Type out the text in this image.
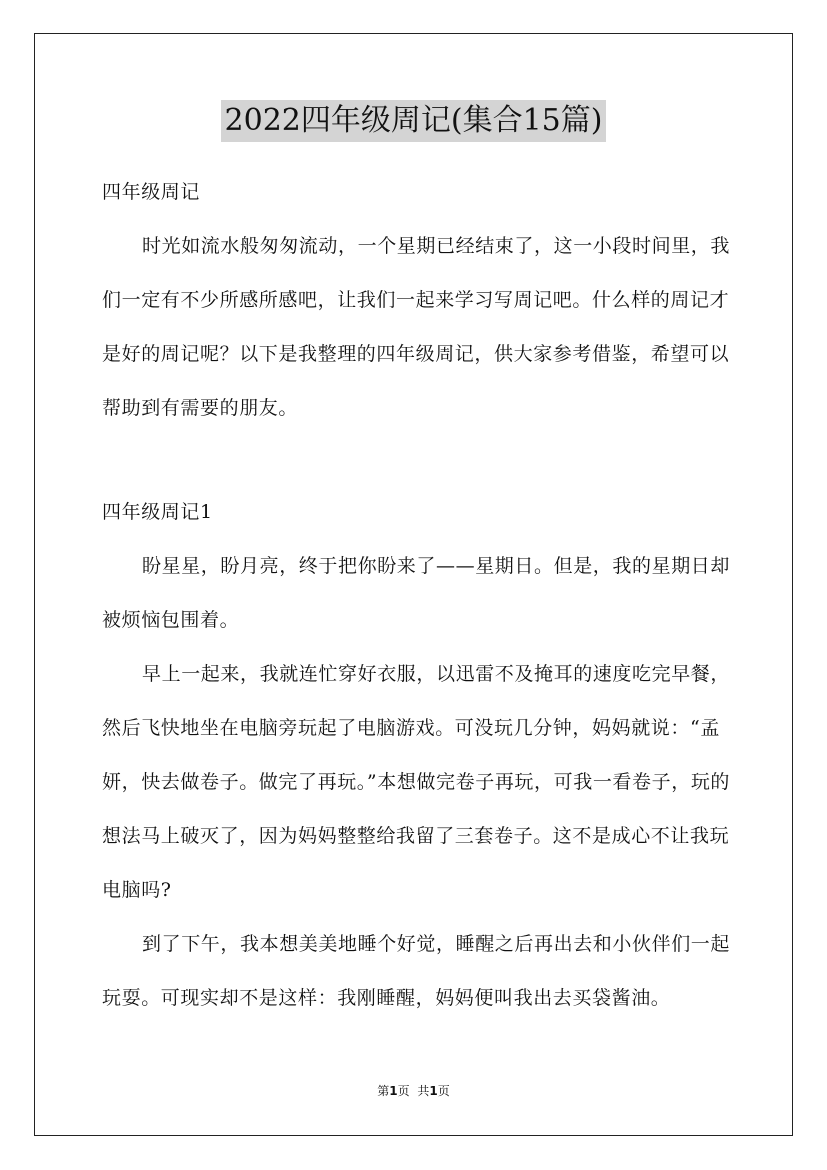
2022四年级周记(集合15篇)

四年级周记

时光如流水般匆匆流动，一个星期已经结束了，这一小段时间里，我们一定有不少所感所感吧，让我们一起来学习写周记吧。什么样的周记才是好的周记呢？以下是我整理的四年级周记，供大家参考借鉴，希望可以帮助到有需要的朋友。

四年级周记1

盼星星，盼月亮，终于把你盼来了——星期日。但是，我的星期日却被烦恼包围着。

早上一起来，我就连忙穿好衣服，以迅雷不及掩耳的速度吃完早餐，然后飞快地坐在电脑旁玩起了电脑游戏。可没玩几分钟，妈妈就说：“孟妍，快去做卷子。做完了再玩。”本想做完卷子再玩，可我一看卷子，玩的想法马上破灭了，因为妈妈整整给我留了三套卷子。这不是成心不让我玩电脑吗?

到了下午，我本想美美地睡个好觉，睡醒之后再出去和小伙伴们一起玩耍。可现实却不是这样：我刚睡醒，妈妈便叫我出去买袋酱油。

第1页 共1页
